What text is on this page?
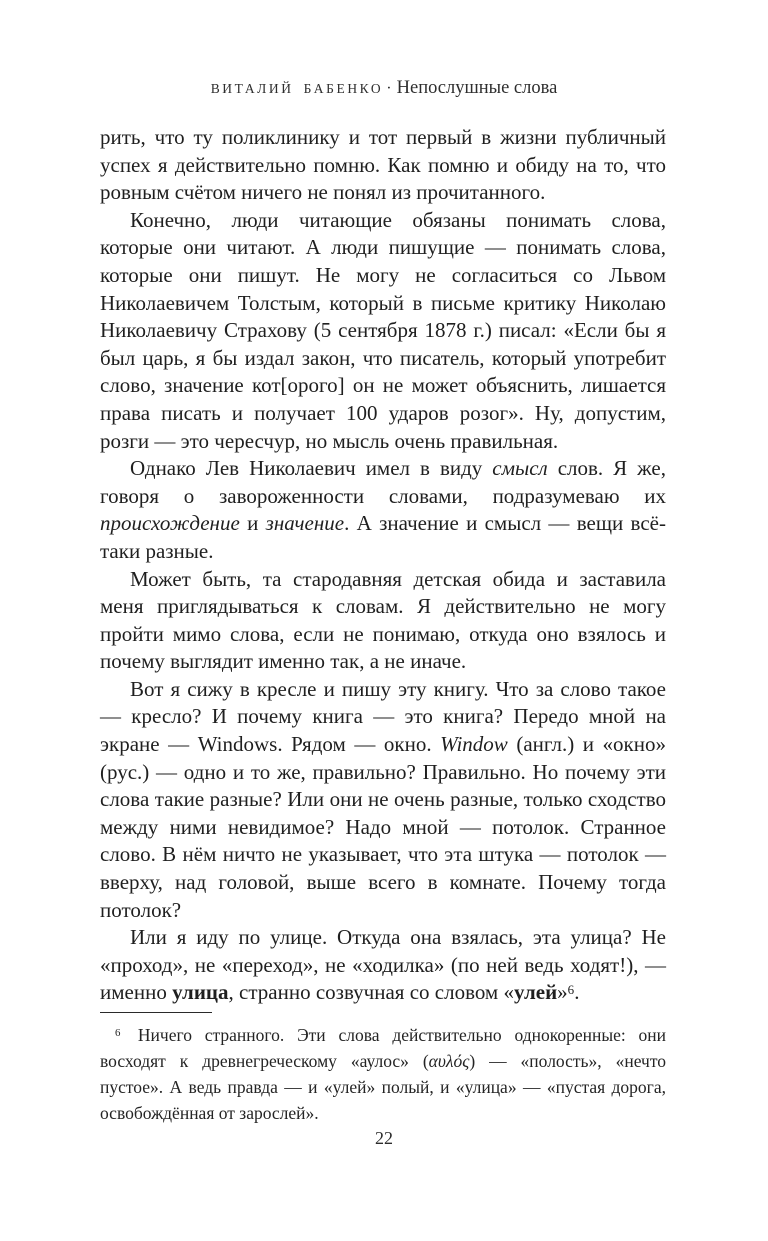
ВИТАЛИЙ БАБЕНКО · Непослушные слова

рить, что ту поликлинику и тот первый в жизни публичный успех я действительно помню. Как помню и обиду на то, что ровным счётом ничего не понял из прочитанного.

Конечно, люди читающие обязаны понимать слова, которые они читают. А люди пишущие — понимать слова, которые они пишут. Не могу не согласиться со Львом Николаевичем Толстым, который в письме критику Николаю Николаевичу Страхову (5 сентября 1878 г.) писал: «Если бы я был царь, я бы издал закон, что писатель, который употребит слово, значение кот[орого] он не может объяснить, лишается права писать и получает 100 ударов розог». Ну, допустим, розги — это чересчур, но мысль очень правильная.

Однако Лев Николаевич имел в виду смысл слов. Я же, говоря о завороженности словами, подразумеваю их происхождение и значение. А значение и смысл — вещи всё-таки разные.

Может быть, та стародавняя детская обида и заставила меня приглядываться к словам. Я действительно не могу пройти мимо слова, если не понимаю, откуда оно взялось и почему выглядит именно так, а не иначе.

Вот я сижу в кресле и пишу эту книгу. Что за слово такое — кресло? И почему книга — это книга? Передо мной на экране — Windows. Рядом — окно. Window (англ.) и «окно» (рус.) — одно и то же, правильно? Правильно. Но почему эти слова такие разные? Или они не очень разные, только сходство между ними невидимое? Надо мной — потолок. Странное слово. В нём ничто не указывает, что эта штука — потолок — вверху, над головой, выше всего в комнате. Почему тогда потолок?

Или я иду по улице. Откуда она взялась, эта улица? Не «проход», не «переход», не «ходилка» (по ней ведь ходят!), — именно улица, странно созвучная со словом «улей»$^6$.

$^6$   Ничего странного. Эти слова действительно однокоренные: они восходят к древнегреческому «аулос» (αυλός) — «полость», «нечто пустое». А ведь правда — и «улей» полый, и «улица» — «пустая дорога, освобождённая от зарослей».
22
